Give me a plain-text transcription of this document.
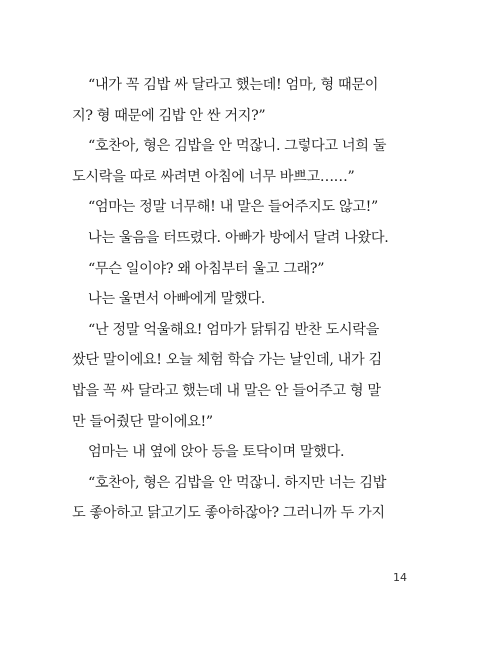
“내가 꼭 김밥 싸 달라고 했는데! 엄마, 형 때문이
지? 형 때문에 김밥 안 싼 거지?”
“호찬아, 형은 김밥을 안 먹잖니. 그렇다고 너희 둘
도시락을 따로 싸려면 아침에 너무 바쁘고……”
“엄마는 정말 너무해! 내 말은 들어주지도 않고!”
나는 울음을 터뜨렸다. 아빠가 방에서 달려 나왔다.
“무슨 일이야? 왜 아침부터 울고 그래?”
나는 울면서 아빠에게 말했다.
“난 정말 억울해요! 엄마가 닭튀김 반찬 도시락을
쌌단 말이에요! 오늘 체험 학습 가는 날인데, 내가 김
밥을 꼭 싸 달라고 했는데 내 말은 안 들어주고 형 말
만 들어줬단 말이에요!”
엄마는 내 옆에 앉아 등을 토닥이며 말했다.
“호찬아, 형은 김밥을 안 먹잖니. 하지만 너는 김밥
도 좋아하고 닭고기도 좋아하잖아? 그러니까 두 가지
14
